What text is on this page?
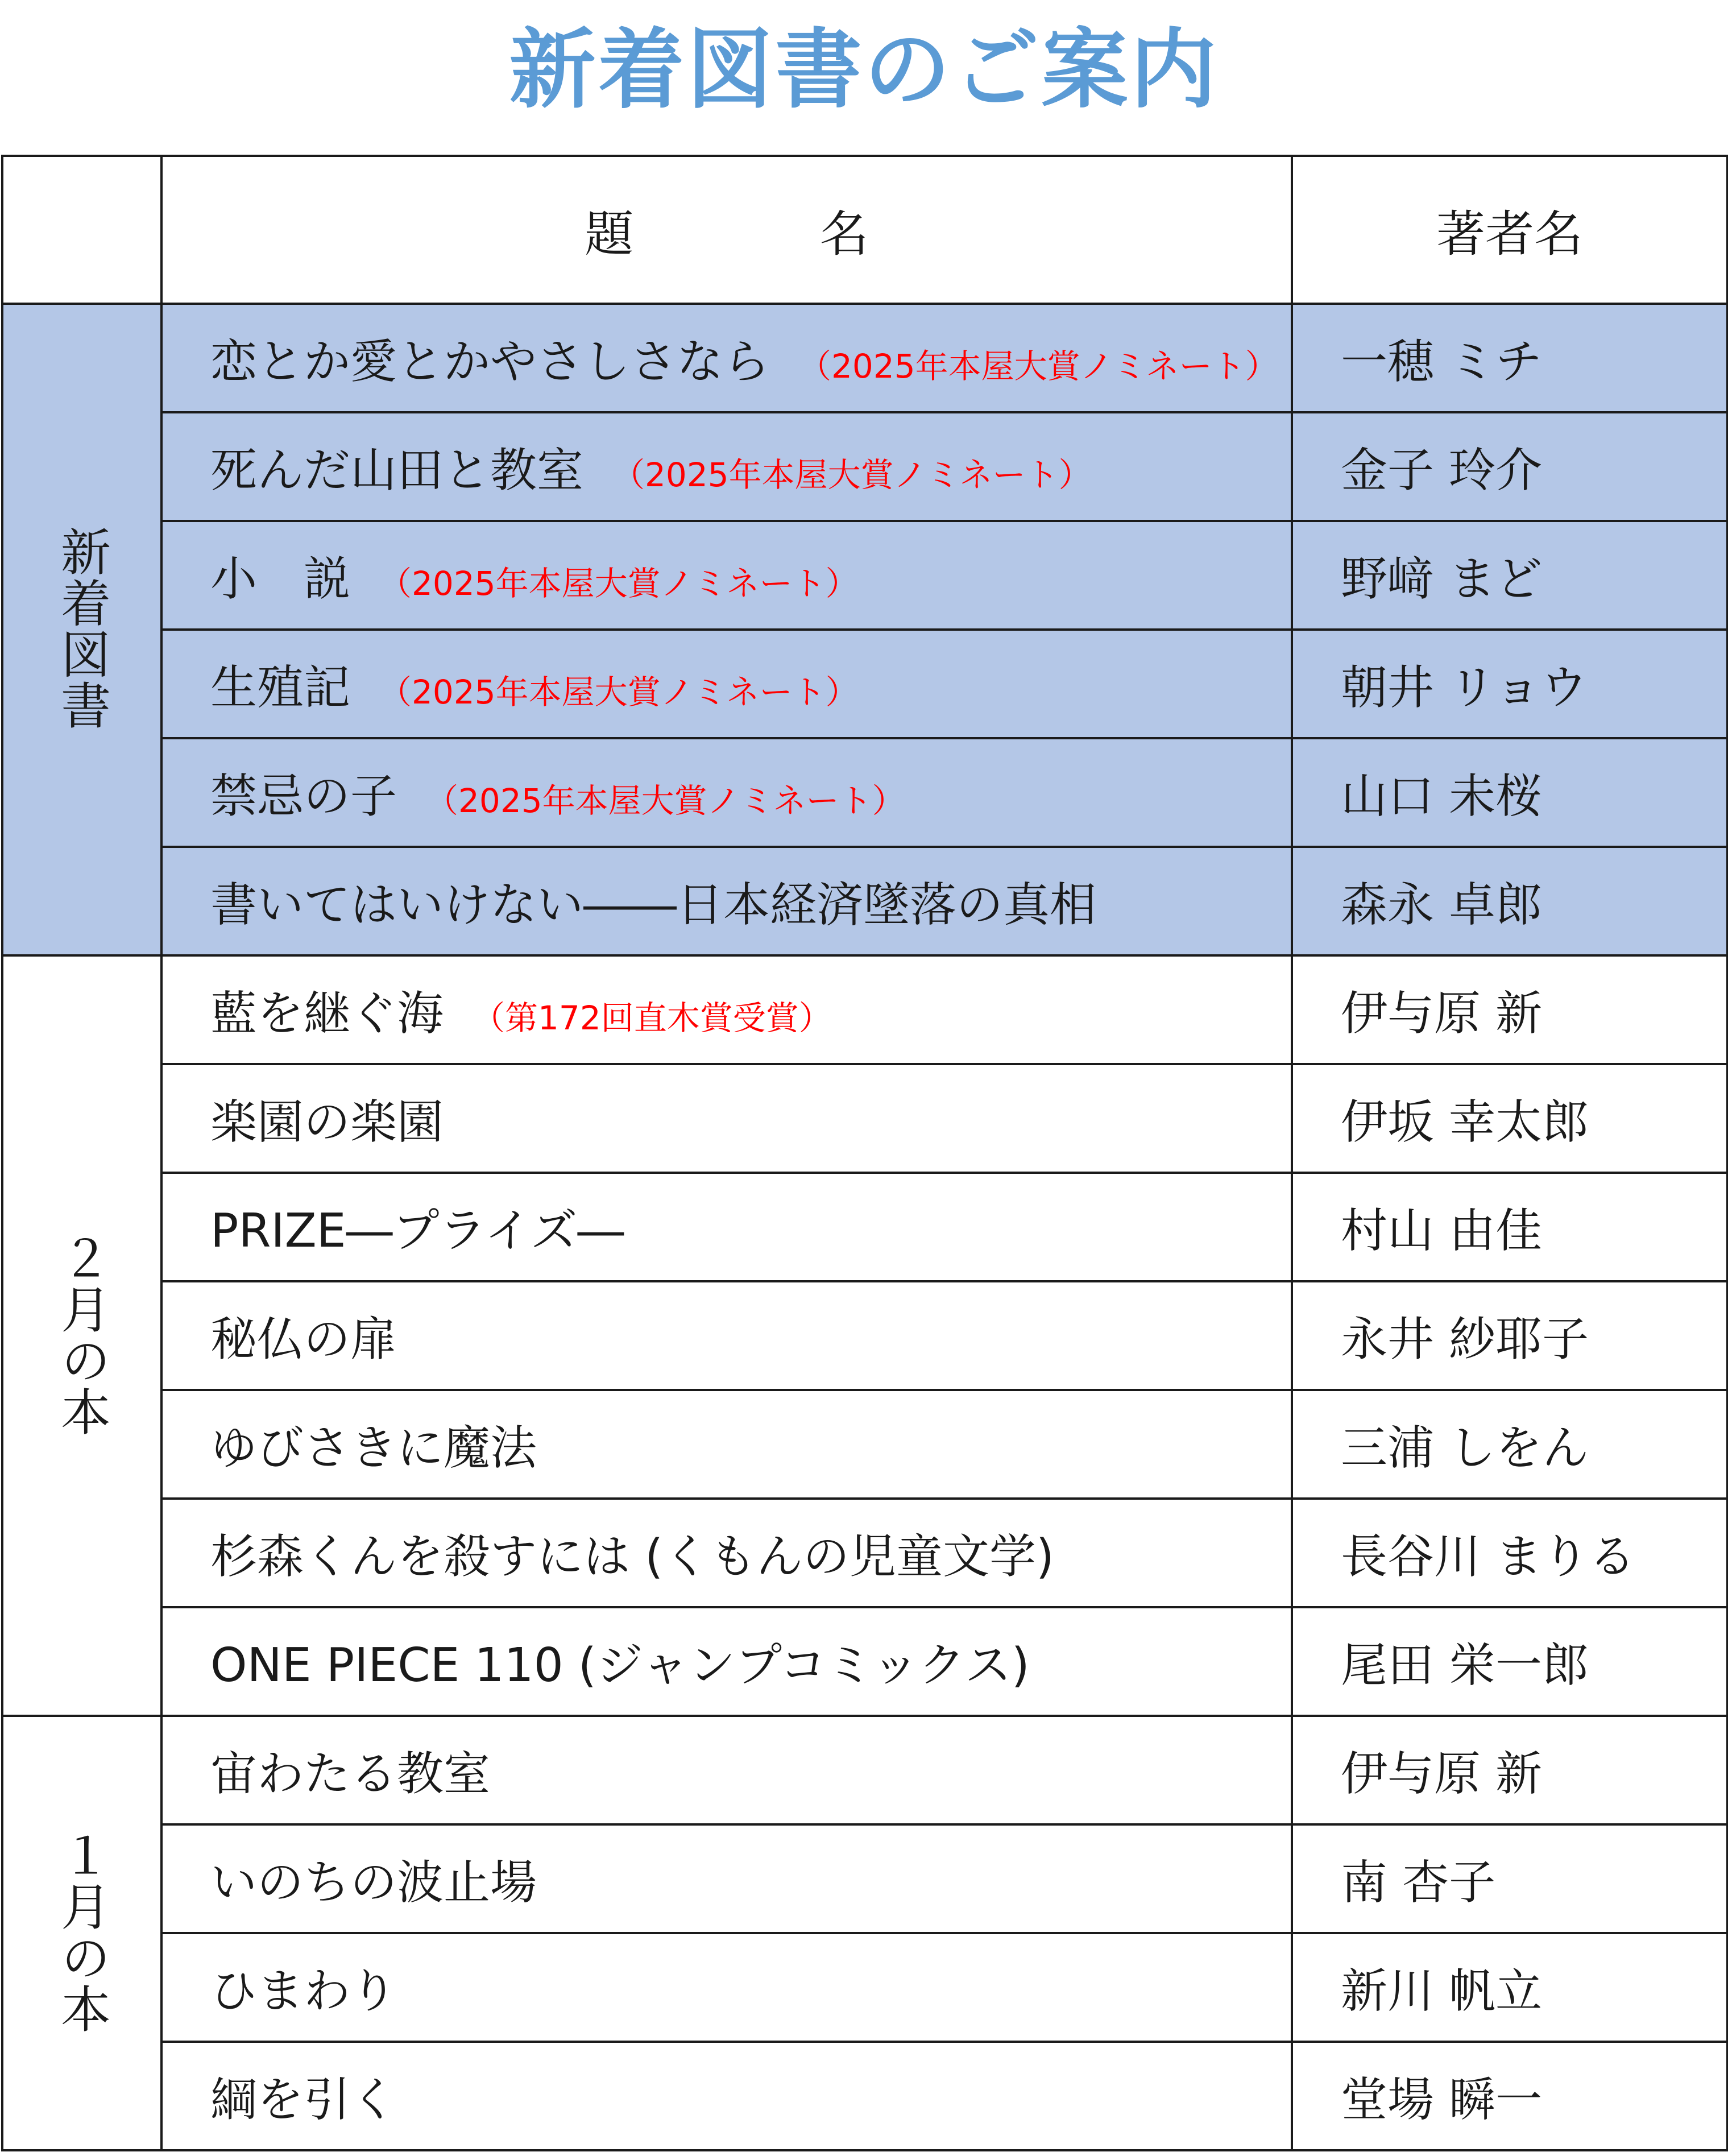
新着図書のご案内
	題 名	著者名
新着図書	恋とか愛とかやさしさなら （2025年本屋大賞ノミネート）	一穂 ミチ
	死んだ山田と教室 （2025年本屋大賞ノミネート）	金子 玲介
	小　説 （2025年本屋大賞ノミネート）	野﨑 まど
	生殖記 （2025年本屋大賞ノミネート）	朝井 リョウ
	禁忌の子 （2025年本屋大賞ノミネート）	山口 未桜
	書いてはいけない――日本経済墜落の真相	森永 卓郎
２月の本	藍を継ぐ海 （第172回直木賞受賞）	伊与原 新
	楽園の楽園	伊坂 幸太郎
	PRIZE―プライズ―	村山 由佳
	秘仏の扉	永井 紗耶子
	ゆびさきに魔法	三浦 しをん
	杉森くんを殺すには (くもんの児童文学)	長谷川 まりる
	ONE PIECE 110 (ジャンプコミックス)	尾田 栄一郎
１月の本	宙わたる教室	伊与原 新
	いのちの波止場	南 杏子
	ひまわり	新川 帆立
	綱を引く	堂場 瞬一
